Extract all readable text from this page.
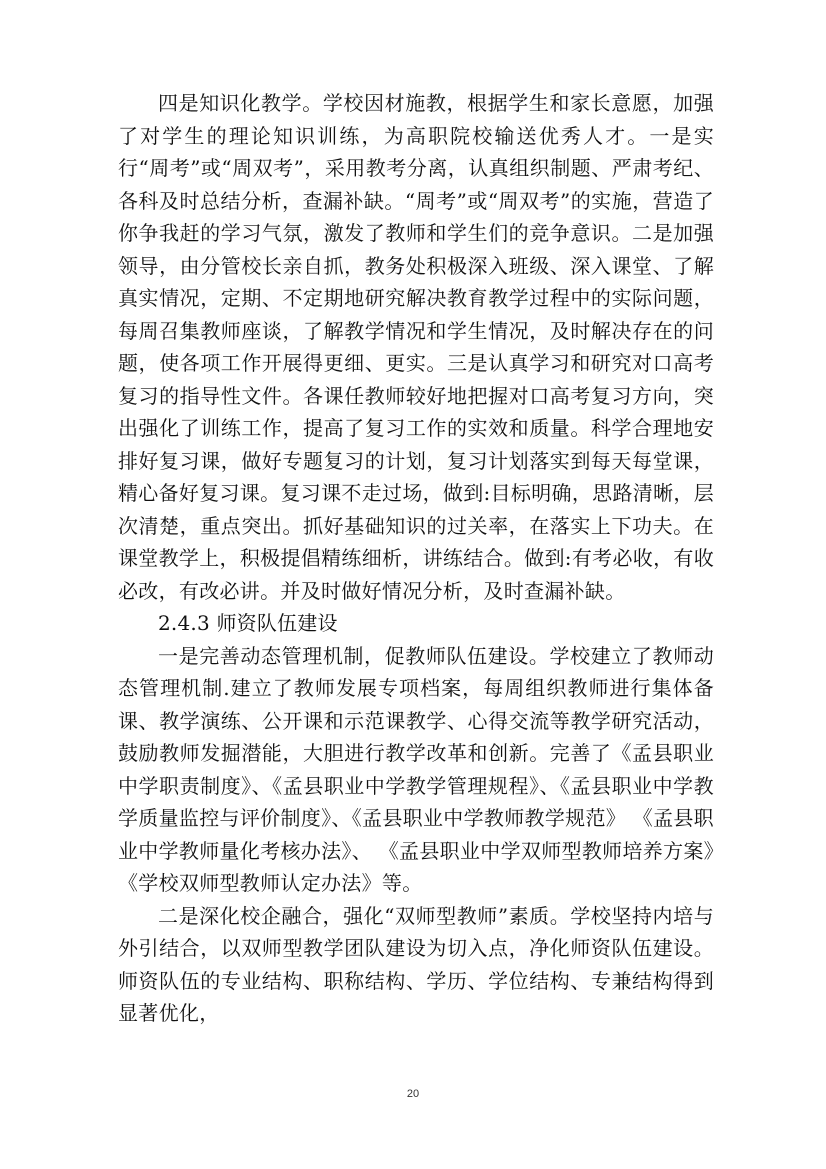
四是知识化教学。学校因材施教，根据学生和家长意愿，加强了对学生的理论知识训练，为高职院校输送优秀人才。一是实行“周考”或“周双考”，采用教考分离，认真组织制题、严肃考纪、各科及时总结分析，查漏补缺。“周考”或“周双考”的实施，营造了你争我赶的学习气氛，激发了教师和学生们的竞争意识。二是加强领导，由分管校长亲自抓，教务处积极深入班级、深入课堂、了解真实情况，定期、不定期地研究解决教育教学过程中的实际问题，每周召集教师座谈，了解教学情况和学生情况，及时解决存在的问题，使各项工作开展得更细、更实。三是认真学习和研究对口高考复习的指导性文件。各课任教师较好地把握对口高考复习方向，突出强化了训练工作，提高了复习工作的实效和质量。科学合理地安排好复习课，做好专题复习的计划，复习计划落实到每天每堂课，精心备好复习课。复习课不走过场，做到:目标明确，思路清晰，层次清楚，重点突出。抓好基础知识的过关率，在落实上下功夫。在课堂教学上，积极提倡精练细析，讲练结合。做到:有考必收，有收必改，有改必讲。并及时做好情况分析，及时查漏补缺。

2.4.3 师资队伍建设

一是完善动态管理机制，促教师队伍建设。学校建立了教师动态管理机制.建立了教师发展专项档案，每周组织教师进行集体备课、教学演练、公开课和示范课教学、心得交流等教学研究活动，鼓励教师发掘潜能，大胆进行教学改革和创新。完善了《孟县职业中学职责制度》、《孟县职业中学教学管理规程》、《孟县职业中学教学质量监控与评价制度》、《孟县职业中学教师教学规范》 《孟县职业中学教师量化考核办法》、 《孟县职业中学双师型教师培养方案》《学校双师型教师认定办法》等。

二是深化校企融合，强化“双师型教师”素质。学校坚持内培与外引结合，以双师型教学团队建设为切入点，净化师资队伍建设。师资队伍的专业结构、职称结构、学历、学位结构、专兼结构得到显著优化，

20
